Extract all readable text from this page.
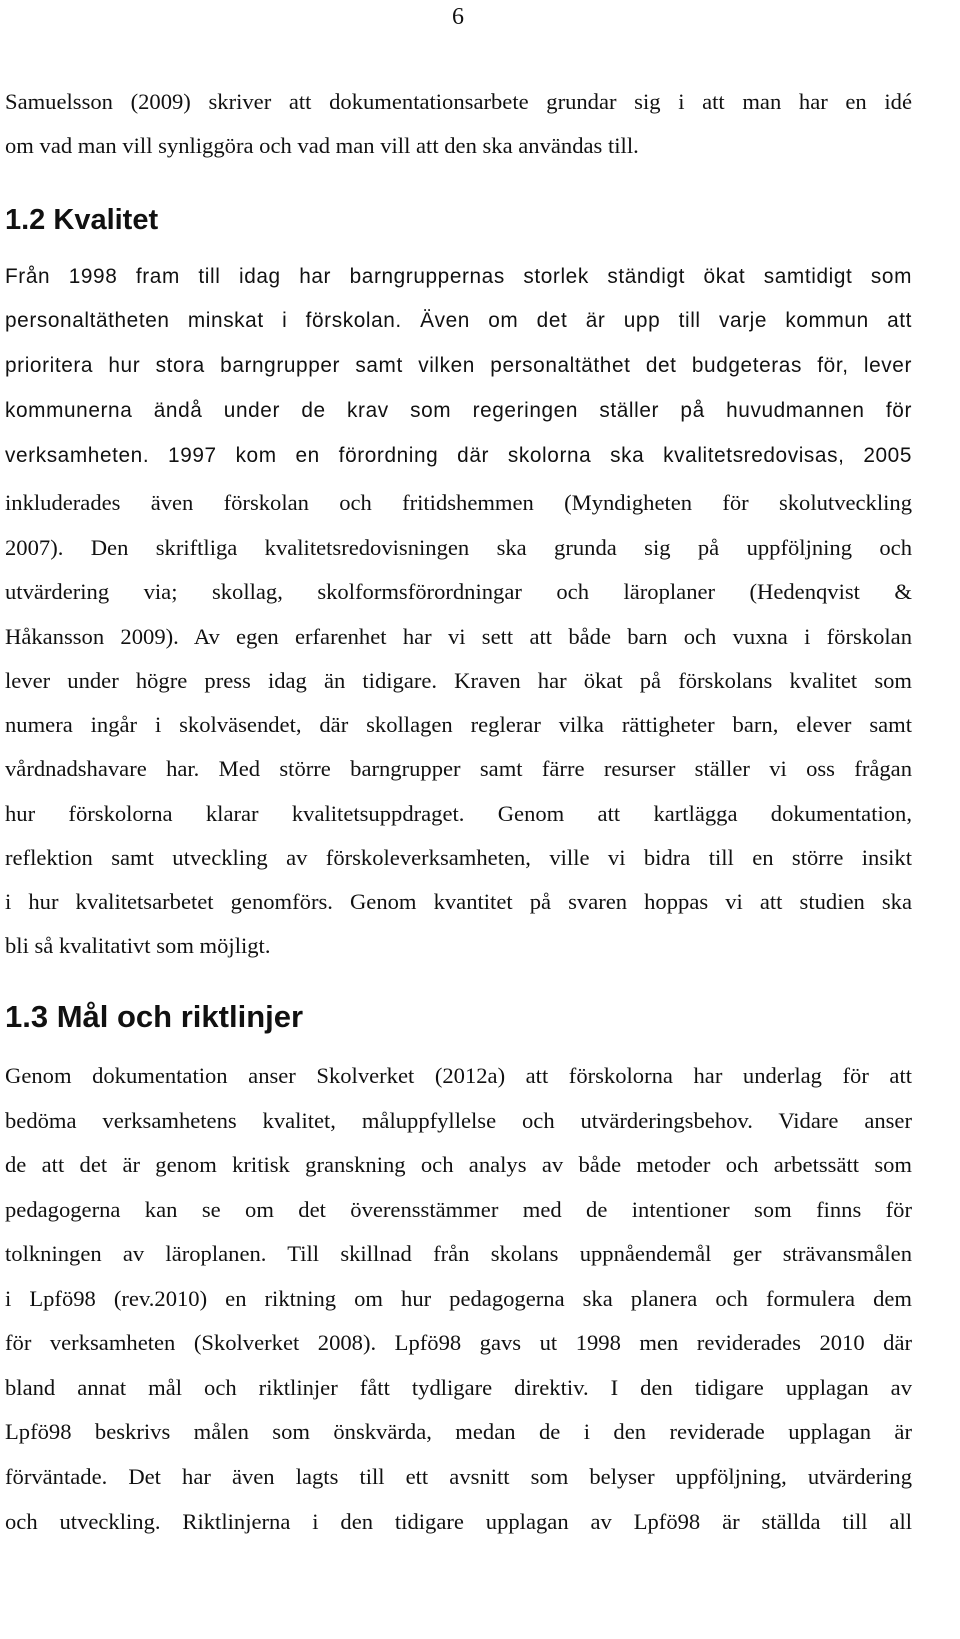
6
Samuelsson (2009) skriver att dokumentationsarbete grundar sig i att man har en idé
om vad man vill synliggöra och vad man vill att den ska användas till.
1.2 Kvalitet
Från 1998 fram till idag har barngruppernas storlek ständigt ökat samtidigt som
personaltätheten minskat i förskolan. Även om det är upp till varje kommun att
prioritera hur stora barngrupper samt vilken personaltäthet det budgeteras för, lever
kommunerna ändå under de krav som regeringen ställer på huvudmannen för
verksamheten. 1997 kom en förordning där skolorna ska kvalitetsredovisas, 2005
inkluderades även förskolan och fritidshemmen (Myndigheten för skolutveckling
2007). Den skriftliga kvalitetsredovisningen ska grunda sig på uppföljning och
utvärdering via; skollag, skolformsförordningar och läroplaner (Hedenqvist &
Håkansson 2009). Av egen erfarenhet har vi sett att både barn och vuxna i förskolan
lever under högre press idag än tidigare. Kraven har ökat på förskolans kvalitet som
numera ingår i skolväsendet, där skollagen reglerar vilka rättigheter barn, elever samt
vårdnadshavare har. Med större barngrupper samt färre resurser ställer vi oss frågan
hur förskolorna klarar kvalitetsuppdraget. Genom att kartlägga dokumentation,
reflektion samt utveckling av förskoleverksamheten, ville vi bidra till en större insikt
i hur kvalitetsarbetet genomförs. Genom kvantitet på svaren hoppas vi att studien ska
bli så kvalitativt som möjligt.
1.3 Mål och riktlinjer
Genom dokumentation anser Skolverket (2012a) att förskolorna har underlag för att
bedöma verksamhetens kvalitet, måluppfyllelse och utvärderingsbehov. Vidare anser
de att det är genom kritisk granskning och analys av både metoder och arbetssätt som
pedagogerna kan se om det överensstämmer med de intentioner som finns för
tolkningen av läroplanen. Till skillnad från skolans uppnåendemål ger strävansmålen
i Lpfö98 (rev.2010) en riktning om hur pedagogerna ska planera och formulera dem
för verksamheten (Skolverket 2008). Lpfö98 gavs ut 1998 men reviderades 2010 där
bland annat mål och riktlinjer fått tydligare direktiv. I den tidigare upplagan av
Lpfö98 beskrivs målen som önskvärda, medan de i den reviderade upplagan är
förväntade. Det har även lagts till ett avsnitt som belyser uppföljning, utvärdering
och utveckling. Riktlinjerna i den tidigare upplagan av Lpfö98 är ställda till all
